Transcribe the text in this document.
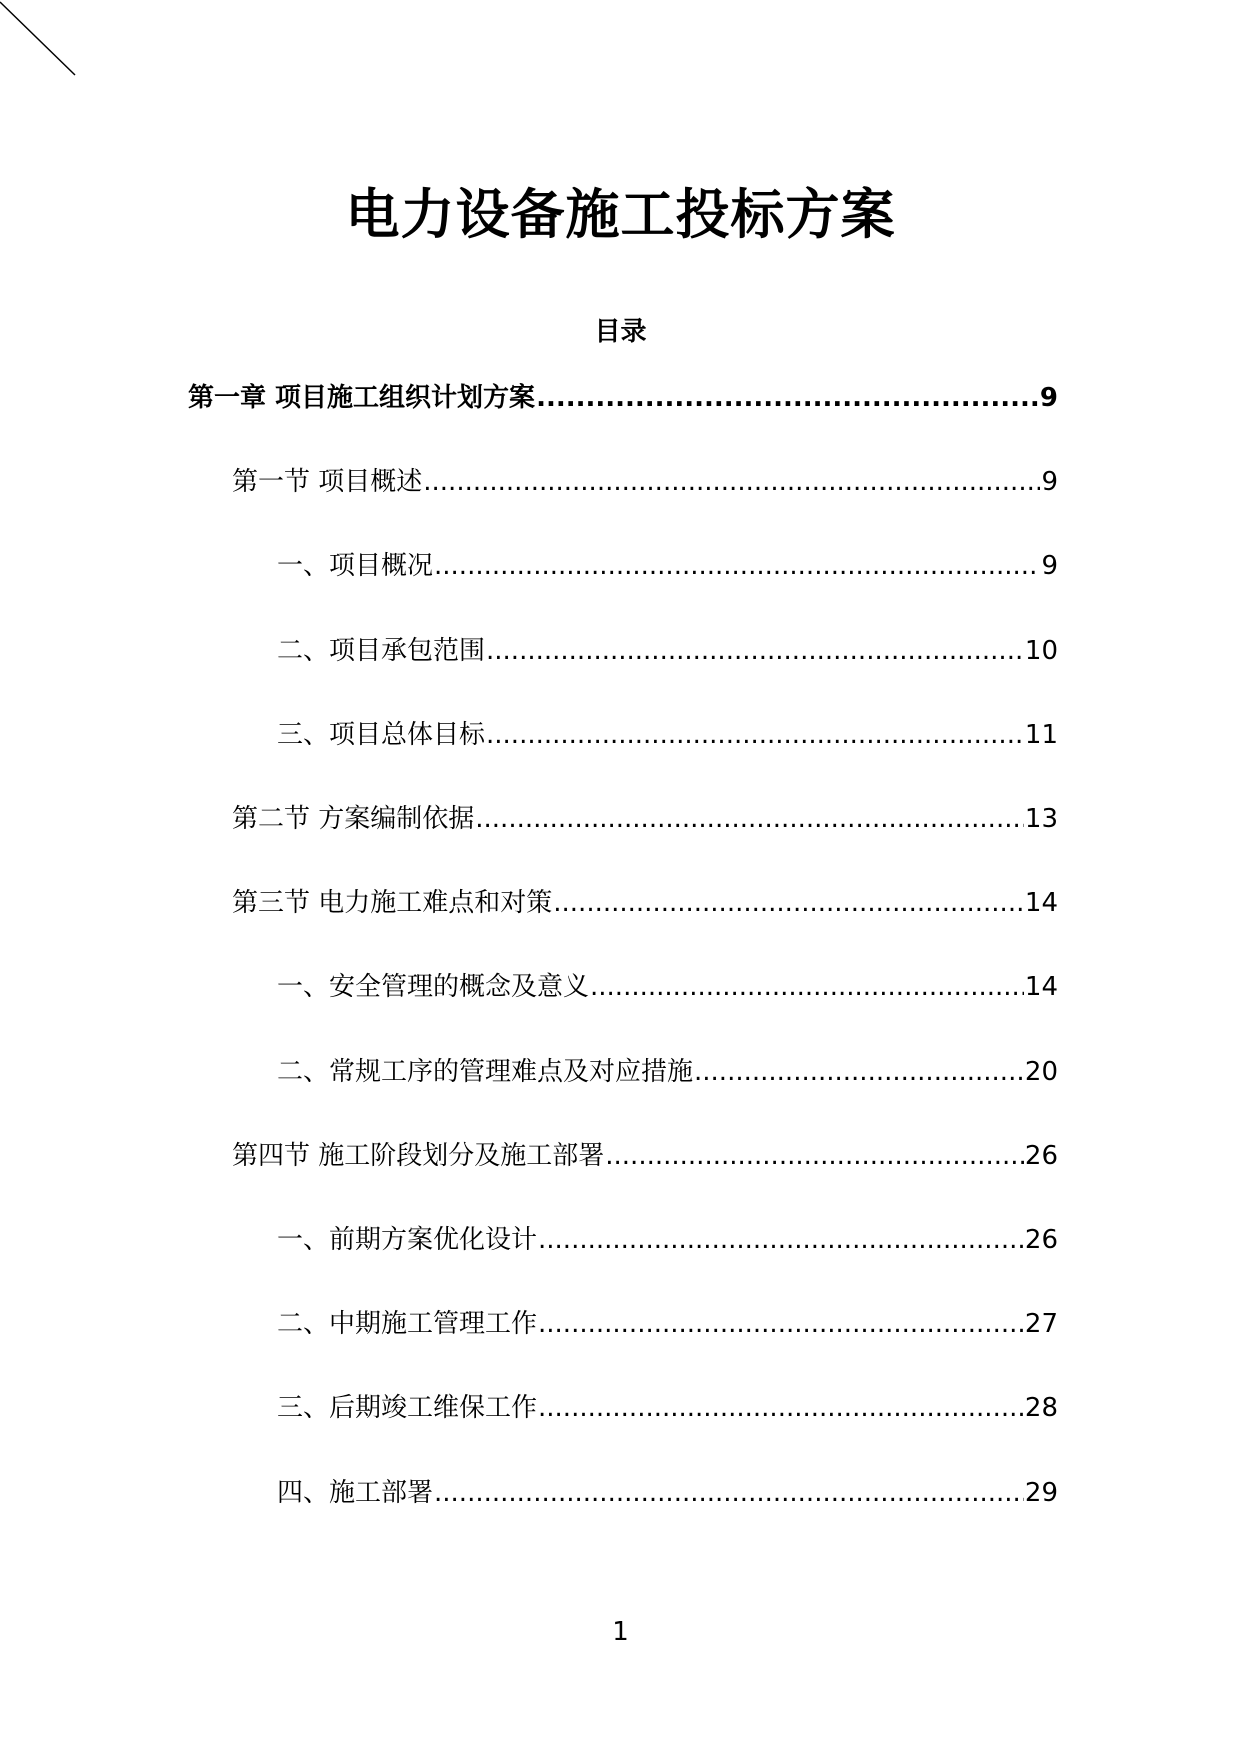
电力设备施工投标方案
目录
第一章 项目施工组织计划方案 .....	9
第一节 项目概述 .....	9
一、项目概况 .....	9
二、项目承包范围 .....	10
三、项目总体目标 .....	11
第二节 方案编制依据 .....	13
第三节 电力施工难点和对策 .....	14
一、安全管理的概念及意义 .....	14
二、常规工序的管理难点及对应措施 .....	20
第四节 施工阶段划分及施工部署 .....	26
一、前期方案优化设计 .....	26
二、中期施工管理工作 .....	27
三、后期竣工维保工作 .....	28
四、施工部署 .....	29
1
